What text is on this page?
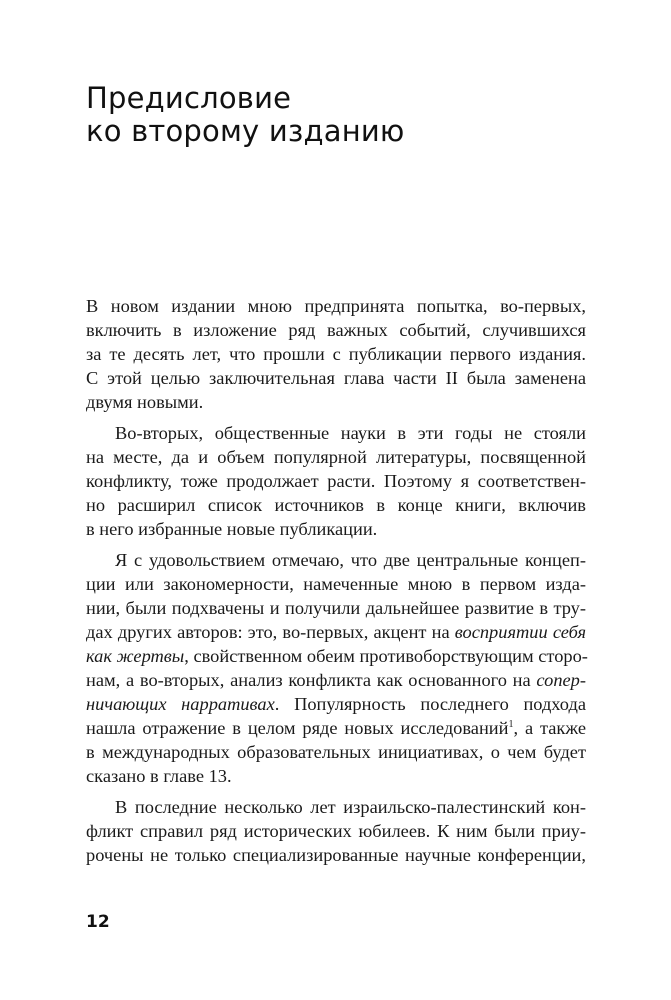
Предисловие
ко второму изданию
В новом издании мною предпринята попытка, во-первых,
включить в изложение ряд важных событий, случившихся
за те десять лет, что прошли с публикации первого издания.
С этой целью заключительная глава части II была заменена
двумя новыми.
Во-вторых, общественные науки в эти годы не стояли
на месте, да и объем популярной литературы, посвященной
конфликту, тоже продолжает расти. Поэтому я соответствен-
но расширил список источников в конце книги, включив
в него избранные новые публикации.
Я с удовольствием отмечаю, что две центральные концеп-
ции или закономерности, намеченные мною в первом изда-
нии, были подхвачены и получили дальнейшее развитие в тру-
дах других авторов: это, во-первых, акцент на восприятии себя
как жертвы, свойственном обеим противоборствующим сторо-
нам, а во-вторых, анализ конфликта как основанного на сопер-
ничающих нарративах. Популярность последнего подхода
нашла отражение в целом ряде новых исследований$^1$, а также
в международных образовательных инициативах, о чем будет
сказано в главе 13.
В последние несколько лет израильско-палестинский кон-
фликт справил ряд исторических юбилеев. К ним были приу-
рочены не только специализированные научные конференции,
12
